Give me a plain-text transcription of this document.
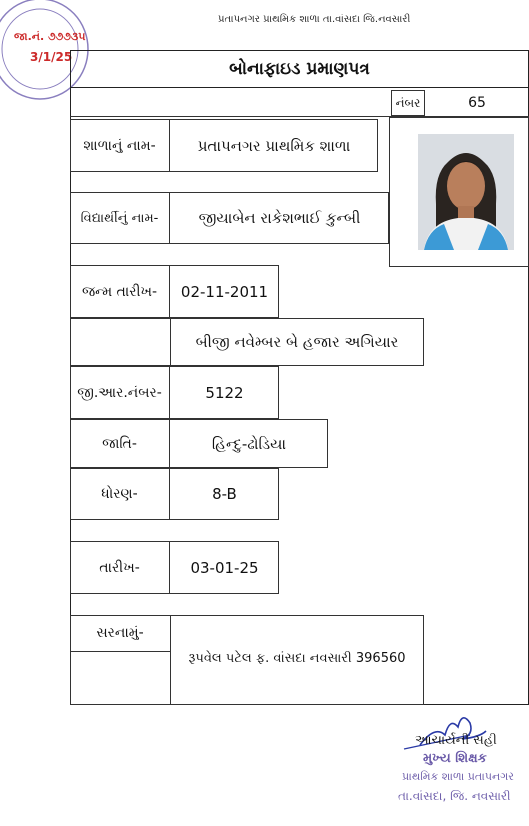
જા.નં. ૭૭૭૩૫
3/1/25
પ્રતાપનગર પ્રાથમિક શાળા તા.વાંસદા જિ.નવસારી
બોનાફાઇડ પ્રમાણપત્ર
નંબર	65
શાળાનું નામ-	પ્રતાપનગર પ્રાથમિક શાળા
વિદ્યાર્થીનું નામ-	જીયાબેન રાકેશભાઈ કુન્બી
જન્મ તારીખ-	02-11-2011
બીજી નવેમ્બર બે હજાર અગિયાર
જી.આર.નંબર-	5122
જાતિ-	હિન્દુ-ઢોડિયા
ધોરણ-	8-B
તારીખ-	03-01-25
સરનામું-
રૂપવેલ પટેલ ફ. વાંસદા નવસારી 396560
આચાર્યની સહી
મુખ્ય શિક્ષક
પ્રાથમિક શાળા પ્રતાપનગર
તા.વાંસદા, જિ. નવસારી
